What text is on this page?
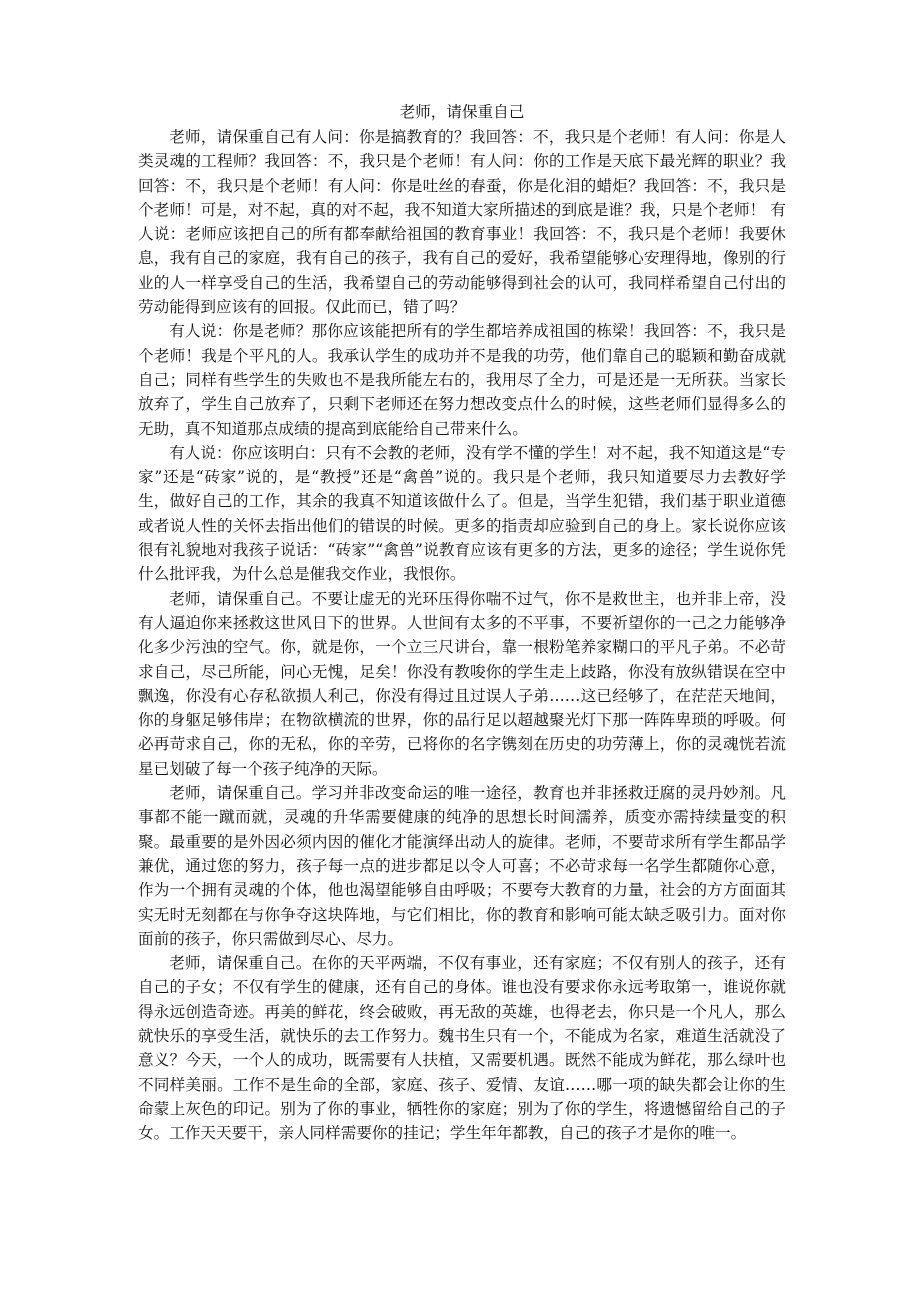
老师，请保重自己

老师，请保重自己有人问：你是搞教育的？我回答：不，我只是个老师！有人问：你是人类灵魂的工程师？我回答：不，我只是个老师！有人问：你的工作是天底下最光辉的职业？我回答：不，我只是个老师！有人问：你是吐丝的春蚕，你是化泪的蜡炬？我回答：不，我只是个老师！可是，对不起，真的对不起，我不知道大家所描述的到底是谁？我，只是个老师！ 有人说：老师应该把自己的所有都奉献给祖国的教育事业！我回答：不，我只是个老师！我要休息，我有自己的家庭，我有自己的孩子，我有自己的爱好，我希望能够心安理得地，像别的行业的人一样享受自己的生活，我希望自己的劳动能够得到社会的认可，我同样希望自己付出的劳动能得到应该有的回报。仅此而已，错了吗？

有人说：你是老师？那你应该能把所有的学生都培养成祖国的栋梁！我回答：不，我只是个老师！我是个平凡的人。我承认学生的成功并不是我的功劳，他们靠自己的聪颖和勤奋成就自己；同样有些学生的失败也不是我所能左右的，我用尽了全力，可是还是一无所获。当家长放弃了，学生自己放弃了，只剩下老师还在努力想改变点什么的时候，这些老师们显得多么的无助，真不知道那点成绩的提高到底能给自己带来什么。

有人说：你应该明白：只有不会教的老师，没有学不懂的学生！对不起，我不知道这是“专家”还是“砖家”说的，是“教授”还是“禽兽”说的。我只是个老师，我只知道要尽力去教好学生，做好自己的工作，其余的我真不知道该做什么了。但是，当学生犯错，我们基于职业道德或者说人性的关怀去指出他们的错误的时候。更多的指责却应验到自己的身上。家长说你应该很有礼貌地对我孩子说话：“砖家”“禽兽”说教育应该有更多的方法，更多的途径；学生说你凭什么批评我，为什么总是催我交作业，我恨你。

老师，请保重自己。不要让虚无的光环压得你喘不过气，你不是救世主，也并非上帝，没有人逼迫你来拯救这世风日下的世界。人世间有太多的不平事，不要祈望你的一己之力能够净化多少污浊的空气。你，就是你，一个立三尺讲台，靠一根粉笔养家糊口的平凡子弟。不必苛求自己，尽己所能，问心无愧，足矣！你没有教唆你的学生走上歧路，你没有放纵错误在空中飘逸，你没有心存私欲损人利己，你没有得过且过误人子弟……这已经够了，在茫茫天地间，你的身躯足够伟岸；在物欲横流的世界，你的品行足以超越聚光灯下那一阵阵卑琐的呼吸。何必再苛求自己，你的无私，你的辛劳，已将你的名字镌刻在历史的功劳薄上，你的灵魂恍若流星已划破了每一个孩子纯净的天际。

老师，请保重自己。学习并非改变命运的唯一途径，教育也并非拯救迂腐的灵丹妙剂。凡事都不能一蹴而就，灵魂的升华需要健康的纯净的思想长时间濡养，质变亦需持续量变的积聚。最重要的是外因必须内因的催化才能演绎出动人的旋律。老师，不要苛求所有学生都品学兼优，通过您的努力，孩子每一点的进步都足以令人可喜；不必苛求每一名学生都随你心意，作为一个拥有灵魂的个体，他也渴望能够自由呼吸；不要夸大教育的力量，社会的方方面面其实无时无刻都在与你争夺这块阵地，与它们相比，你的教育和影响可能太缺乏吸引力。面对你面前的孩子，你只需做到尽心、尽力。

老师，请保重自己。在你的天平两端，不仅有事业，还有家庭；不仅有别人的孩子，还有自己的子女；不仅有学生的健康，还有自己的身体。谁也没有要求你永远考取第一，谁说你就得永远创造奇迹。再美的鲜花，终会破败，再无敌的英雄，也得老去，你只是一个凡人，那么就快乐的享受生活，就快乐的去工作努力。魏书生只有一个，不能成为名家，难道生活就没了意义？今天，一个人的成功，既需要有人扶植，又需要机遇。既然不能成为鲜花，那么绿叶也不同样美丽。工作不是生命的全部，家庭、孩子、爱情、友谊……哪一项的缺失都会让你的生命蒙上灰色的印记。别为了你的事业，牺牲你的家庭；别为了你的学生，将遗憾留给自己的子女。工作天天要干，亲人同样需要你的挂记；学生年年都教，自己的孩子才是你的唯一。
